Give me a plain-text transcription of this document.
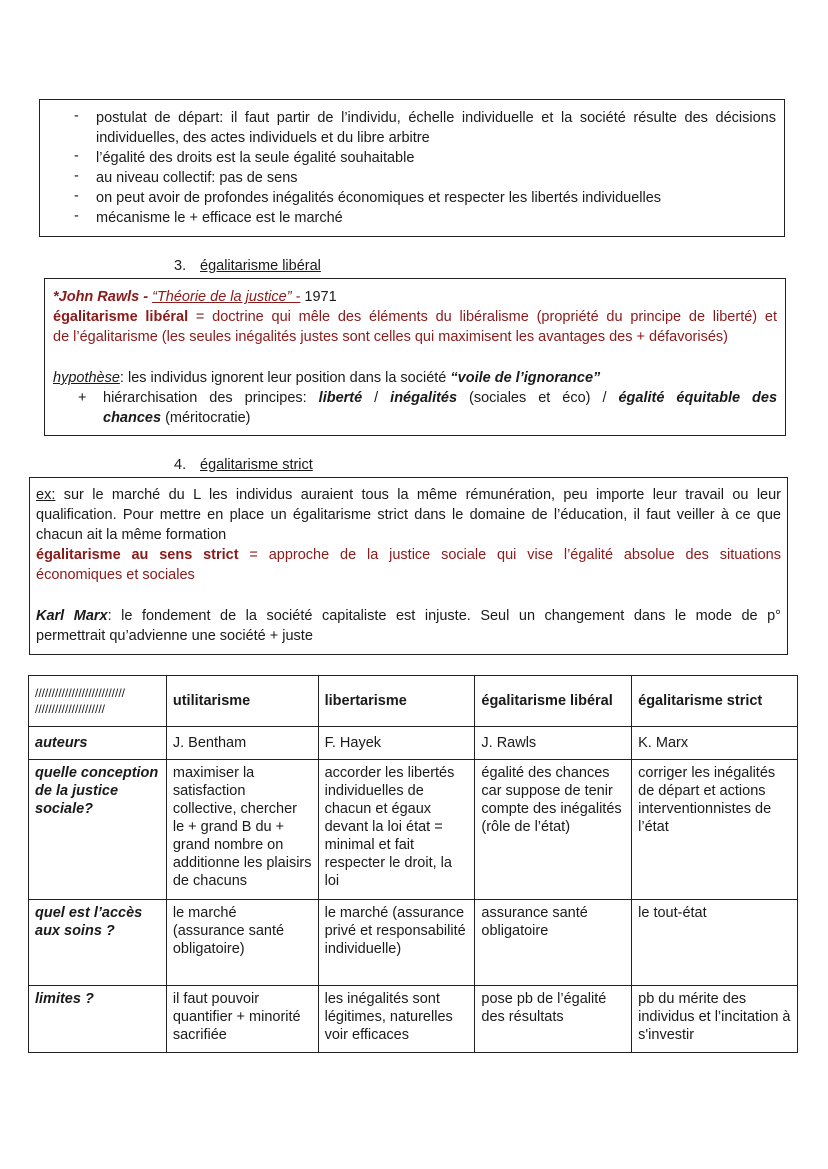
- postulat de départ: il faut partir de l’individu, échelle individuelle et la société résulte des décisions
individuelles, des actes individuels et du libre arbitre
- l’égalité des droits est la seule égalité souhaitable
- au niveau collectif: pas de sens
- on peut avoir de profondes inégalités économiques et respecter les libertés individuelles
- mécanisme le + efficace est le marché
3. égalitarisme libéral
*John Rawls - “Théorie de la justice” - 1971
égalitarisme libéral = doctrine qui mêle des éléments du libéralisme (propriété du principe de liberté) et
de l’égalitarisme (les seules inégalités justes sont celles qui maximisent les avantages des + défavorisés)
hypothèse: les individus ignorent leur position dans la société “voile de l’ignorance”
+ hiérarchisation des principes: liberté / inégalités (sociales et éco) / égalité équitable des
chances (méritocratie)
4. égalitarisme strict
ex: sur le marché du L les individus auraient tous la même rémunération, peu importe leur travail ou leur
qualification. Pour mettre en place un égalitarisme strict dans le domaine de l’éducation, il faut veiller à ce que
chacun ait la même formation
égalitarisme au sens strict = approche de la justice sociale qui vise l’égalité absolue des situations
économiques et sociales
Karl Marx: le fondement de la société capitaliste est injuste. Seul un changement dans le mode de p°
permettrait qu’advienne une société + juste
///////////////////////////
/////////////////////	utilitarisme	libertarisme	égalitarisme libéral	égalitarisme strict
auteurs	J. Bentham	F. Hayek	J. Rawls	K. Marx
quelle conception de la justice sociale?	maximiser la satisfaction collective, chercher le + grand B du + grand nombre on additionne les plaisirs de chacuns	accorder les libertés individuelles de chacun et égaux devant la loi état = minimal et fait respecter le droit, la loi	égalité des chances car suppose de tenir compte des inégalités (rôle de l’état)	corriger les inégalités de départ et actions interventionnistes de l’état
quel est l’accès aux soins ?	le marché (assurance santé obligatoire)	le marché (assurance privé et responsabilité individuelle)	assurance santé obligatoire	le tout-état
limites ?	il faut pouvoir quantifier + minorité sacrifiée	les inégalités sont légitimes, naturelles voir efficaces	pose pb de l’égalité des résultats	pb du mérite des individus et l’incitation à s'investir
